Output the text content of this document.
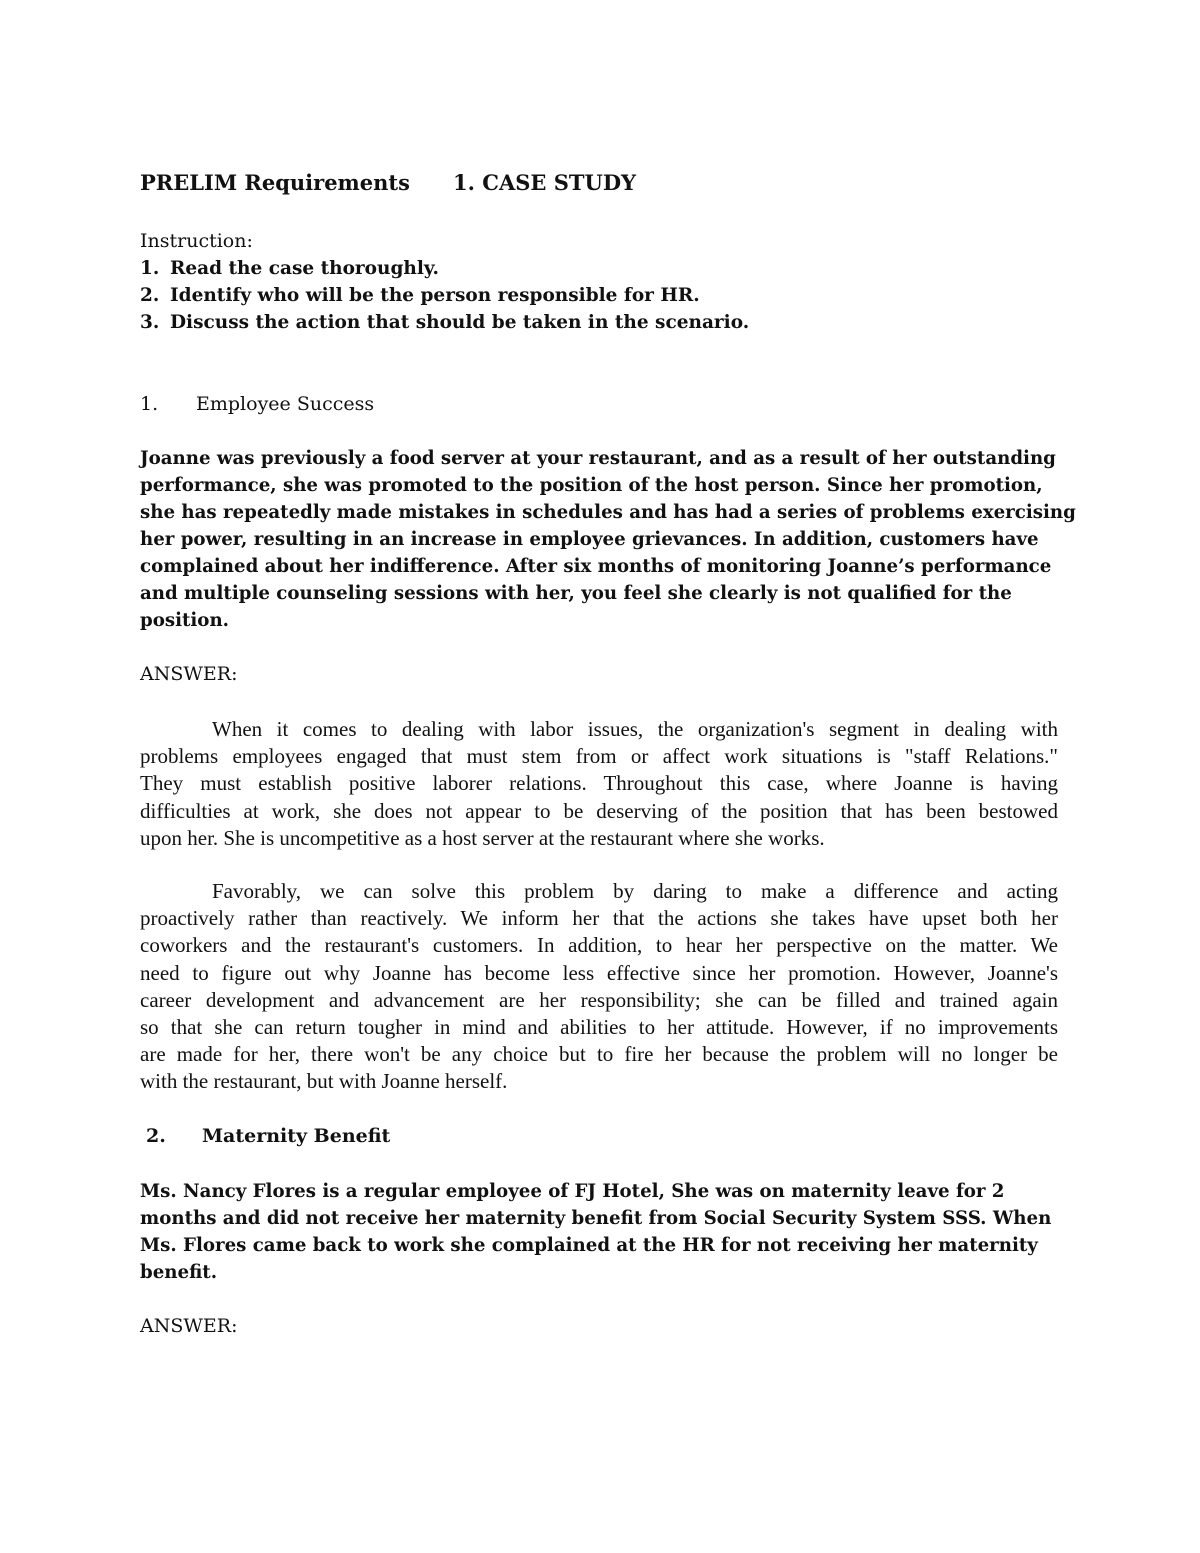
PRELIM Requirements 1. CASE STUDY
Instruction:
1. Read the case thoroughly.
2. Identify who will be the person responsible for HR.
3. Discuss the action that should be taken in the scenario.
1. Employee Success
Joanne was previously a food server at your restaurant, and as a result of her outstanding
performance, she was promoted to the position of the host person. Since her promotion,
she has repeatedly made mistakes in schedules and has had a series of problems exercising
her power, resulting in an increase in employee grievances. In addition, customers have
complained about her indifference. After six months of monitoring Joanne’s performance
and multiple counseling sessions with her, you feel she clearly is not qualified for the
position.
ANSWER:
When it comes to dealing with labor issues, the organization's segment in dealing with
problems employees engaged that must stem from or affect work situations is "staff Relations."
They must establish positive laborer relations. Throughout this case, where Joanne is having
difficulties at work, she does not appear to be deserving of the position that has been bestowed
upon her. She is uncompetitive as a host server at the restaurant where she works.
Favorably, we can solve this problem by daring to make a difference and acting
proactively rather than reactively. We inform her that the actions she takes have upset both her
coworkers and the restaurant's customers. In addition, to hear her perspective on the matter. We
need to figure out why Joanne has become less effective since her promotion. However, Joanne's
career development and advancement are her responsibility; she can be filled and trained again
so that she can return tougher in mind and abilities to her attitude. However, if no improvements
are made for her, there won't be any choice but to fire her because the problem will no longer be
with the restaurant, but with Joanne herself.
2. Maternity Benefit
Ms. Nancy Flores is a regular employee of FJ Hotel, She was on maternity leave for 2
months and did not receive her maternity benefit from Social Security System SSS. When
Ms. Flores came back to work she complained at the HR for not receiving her maternity
benefit.
ANSWER:
